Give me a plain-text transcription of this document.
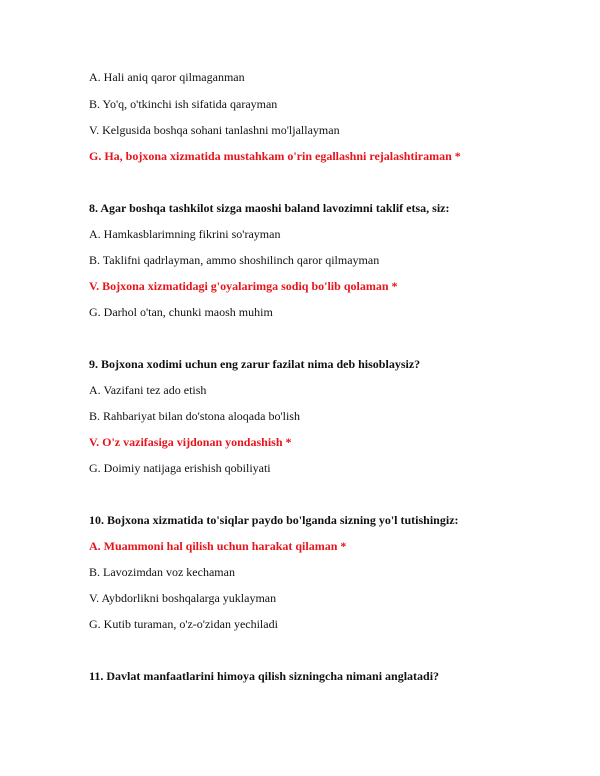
A. Hali aniq qaror qilmaganman
B. Yo'q, o'tkinchi ish sifatida qarayman
V. Kelgusida boshqa sohani tanlashni mo'ljallayman
G. Ha, bojxona xizmatida mustahkam o'rin egallashni rejalashtiraman *
8. Agar boshqa tashkilot sizga maoshi baland lavozimni taklif etsa, siz:
A. Hamkasblarimning fikrini so'rayman
B. Taklifni qadrlayman, ammo shoshilinch qaror qilmayman
V. Bojxona xizmatidagi g'oyalarimga sodiq bo'lib qolaman *
G. Darhol o'tan, chunki maosh muhim
9. Bojxona xodimi uchun eng zarur fazilat nima deb hisoblaysiz?
A. Vazifani tez ado etish
B. Rahbariyat bilan do'stona aloqada bo'lish
V. O'z vazifasiga vijdonan yondashish *
G. Doimiy natijaga erishish qobiliyati
10. Bojxona xizmatida to'siqlar paydo bo'lganda sizning yo'l tutishingiz:
A. Muammoni hal qilish uchun harakat qilaman *
B. Lavozimdan voz kechaman
V. Aybdorlikni boshqalarga yuklayman
G. Kutib turaman, o'z-o'zidan yechiladi
11. Davlat manfaatlarini himoya qilish sizningcha nimani anglatadi?
